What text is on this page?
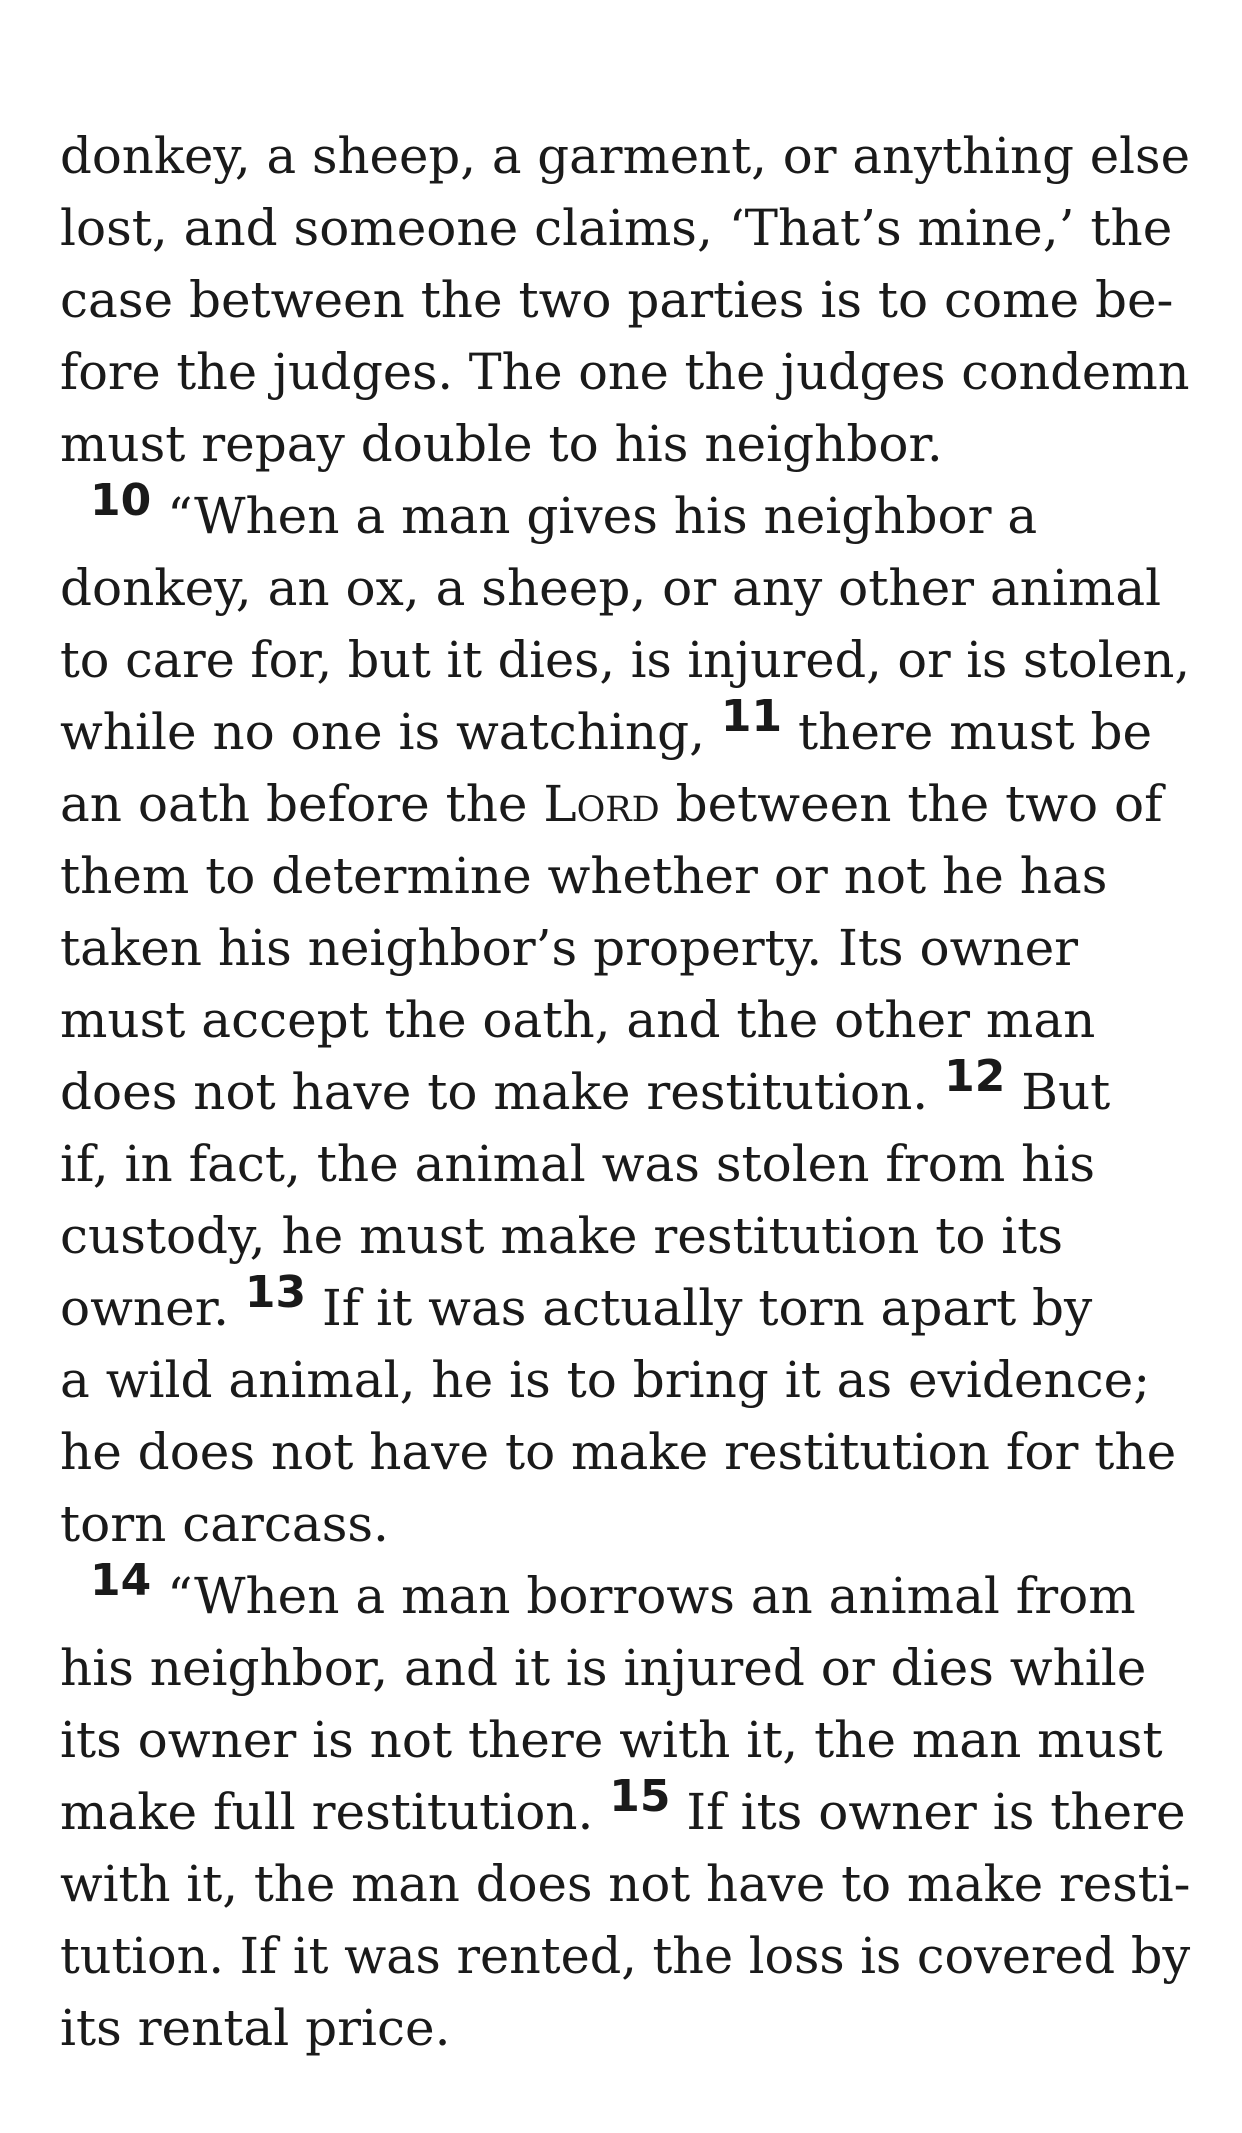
donkey, a sheep, a garment, or anything else
lost, and someone claims, ‘That’s mine,’ the
case between the two parties is to come be-
fore the judges. The one the judges condemn
must repay double to his neighbor.
10 “When a man gives his neighbor a
donkey, an ox, a sheep, or any other animal
to care for, but it dies, is injured, or is stolen,
while no one is watching, 11 there must be
an oath before the Lord between the two of
them to determine whether or not he has
taken his neighbor’s property. Its owner
must accept the oath, and the other man
does not have to make restitution. 12 But
if, in fact, the animal was stolen from his
custody, he must make restitution to its
owner. 13 If it was actually torn apart by
a wild animal, he is to bring it as evidence;
he does not have to make restitution for the
torn carcass.
14 “When a man borrows an animal from
his neighbor, and it is injured or dies while
its owner is not there with it, the man must
make full restitution. 15 If its owner is there
with it, the man does not have to make resti-
tution. If it was rented, the loss is covered by
its rental price.
